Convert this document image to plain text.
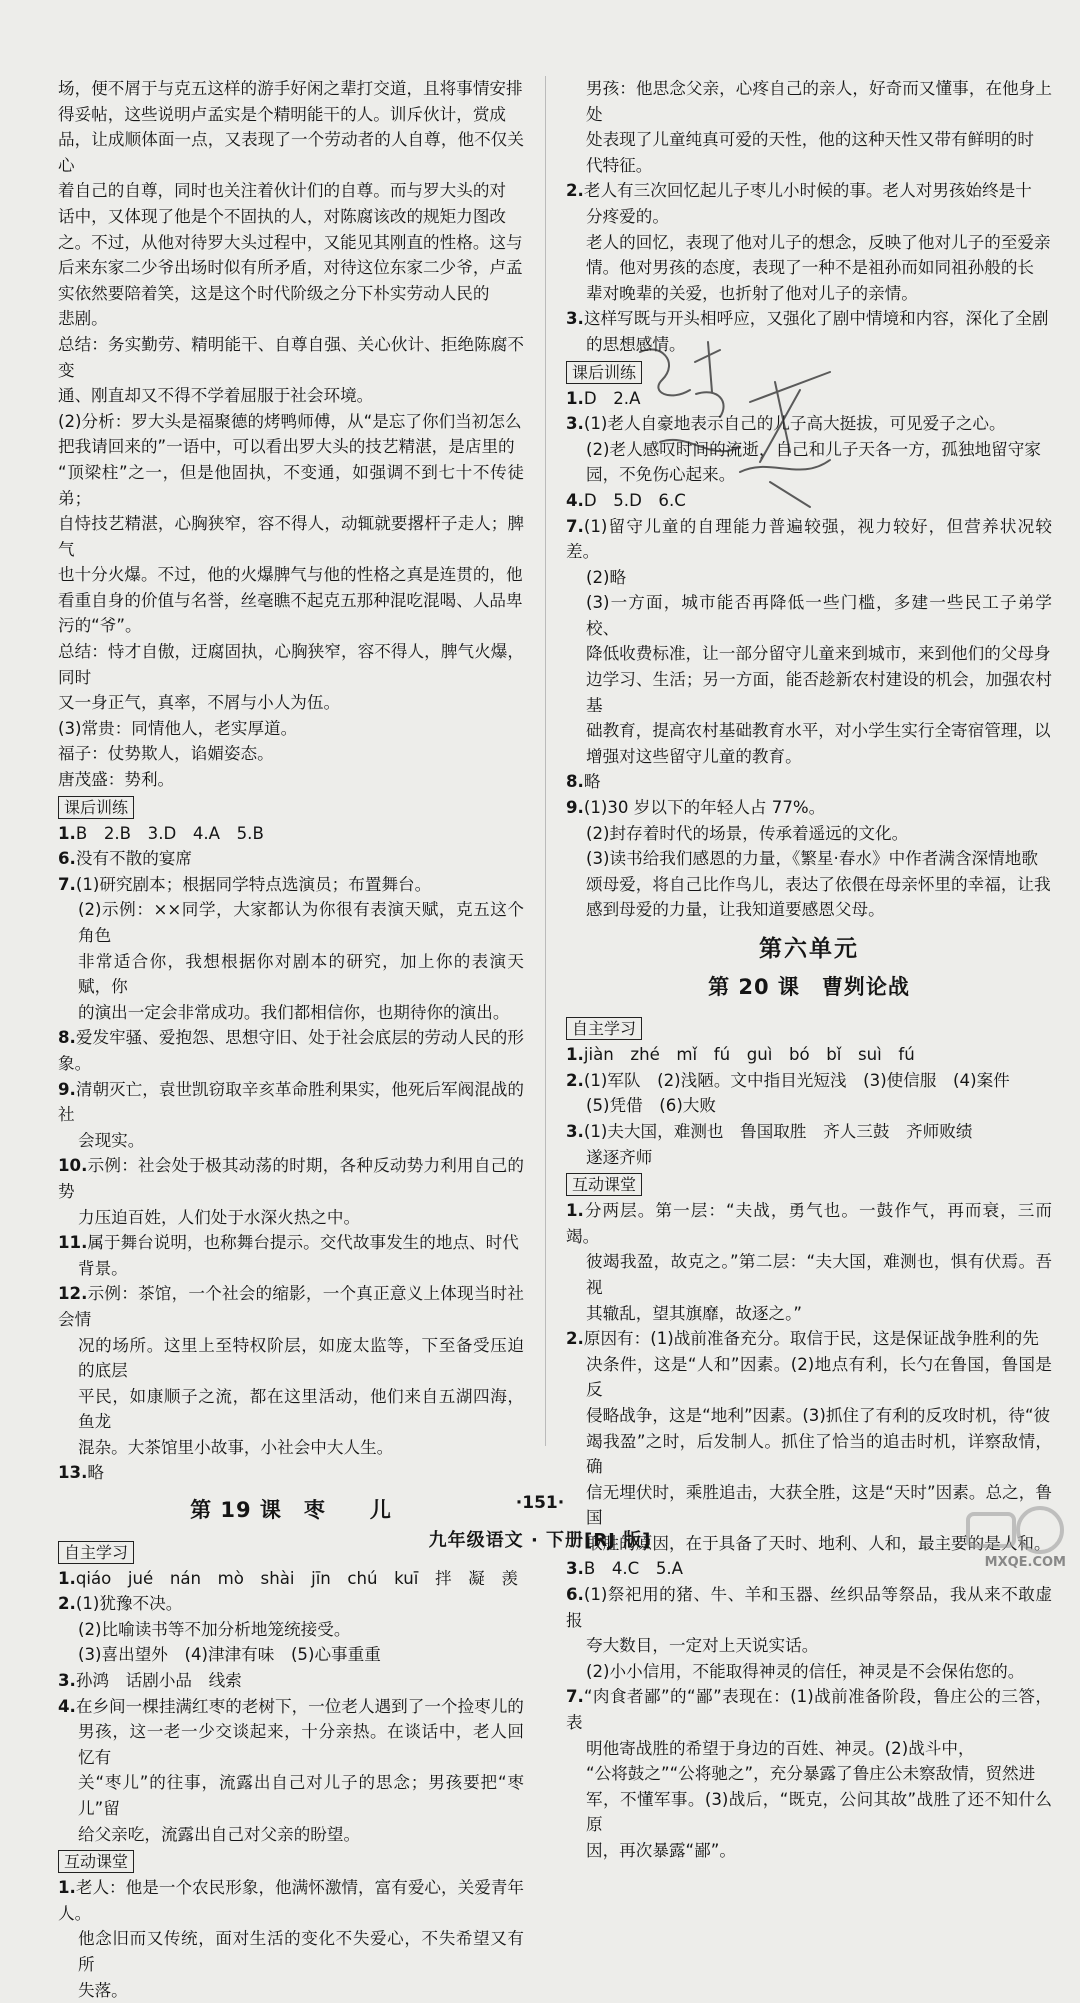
场，便不屑于与克五这样的游手好闲之辈打交道，且将事情安排

得妥帖，这些说明卢孟实是个精明能干的人。训斥伙计，赏成

品，让成顺体面一点，又表现了一个劳动者的人自尊，他不仅关心

着自己的自尊，同时也关注着伙计们的自尊。而与罗大头的对

话中，又体现了他是个不固执的人，对陈腐该改的规矩力图改

之。不过，从他对待罗大头过程中，又能见其刚直的性格。这与

后来东家二少爷出场时似有所矛盾，对待这位东家二少爷，卢孟

实依然要陪着笑，这是这个时代阶级之分下朴实劳动人民的

悲剧。

总结：务实勤劳、精明能干、自尊自强、关心伙计、拒绝陈腐不变

通、刚直却又不得不学着屈服于社会环境。

(2)分析：罗大头是福聚德的烤鸭师傅，从“是忘了你们当初怎么

把我请回来的”一语中，可以看出罗大头的技艺精湛，是店里的

“顶梁柱”之一，但是他固执，不变通，如强调不到七十不传徒弟；

自恃技艺精湛，心胸狭窄，容不得人，动辄就要撂杆子走人；脾气

也十分火爆。不过，他的火爆脾气与他的性格之真是连贯的，他

看重自身的价值与名誉，丝毫瞧不起克五那种混吃混喝、人品卑

污的“爷”。

总结：恃才自傲，迂腐固执，心胸狭窄，容不得人，脾气火爆，同时

又一身正气，真率，不屑与小人为伍。

(3)常贵：同情他人，老实厚道。

福子：仗势欺人，谄媚姿态。

唐茂盛：势利。

课后训练

1.B　2.B　3.D　4.A　5.B

6.没有不散的宴席

7.(1)研究剧本；根据同学特点选演员；布置舞台。

(2)示例：××同学，大家都认为你很有表演天赋，克五这个角色

非常适合你，我想根据你对剧本的研究，加上你的表演天赋，你

的演出一定会非常成功。我们都相信你，也期待你的演出。

8.爱发牢骚、爱抱怨、思想守旧、处于社会底层的劳动人民的形象。

9.清朝灭亡，袁世凯窃取辛亥革命胜利果实，他死后军阀混战的社

会现实。

10.示例：社会处于极其动荡的时期，各种反动势力利用自己的势

力压迫百姓，人们处于水深火热之中。

11.属于舞台说明，也称舞台提示。交代故事发生的地点、时代

背景。

12.示例：茶馆，一个社会的缩影，一个真正意义上体现当时社会情

况的场所。这里上至特权阶层，如庞太监等，下至备受压迫的底层

平民，如康顺子之流，都在这里活动，他们来自五湖四海，鱼龙

混杂。大茶馆里小故事，小社会中大人生。

13.略

第 19 课　枣　　儿
自主学习

1.qiáo　jué　nán　mò　shài　jīn　chú　kuī　拌　凝　羡

2.(1)犹豫不决。

(2)比喻读书等不加分析地笼统接受。

(3)喜出望外　(4)津津有味　(5)心事重重

3.孙鸿　话剧小品　线索

4.在乡间一棵挂满红枣的老树下，一位老人遇到了一个捡枣儿的

男孩，这一老一少交谈起来，十分亲热。在谈话中，老人回忆有

关“枣儿”的往事，流露出自己对儿子的思念；男孩要把“枣儿”留

给父亲吃，流露出自己对父亲的盼望。

互动课堂

1.老人：他是一个农民形象，他满怀激情，富有爱心，关爱青年人。

他念旧而又传统，面对生活的变化不失爱心，不失希望又有所

失落。

男孩：他思念父亲，心疼自己的亲人，好奇而又懂事，在他身上处

处表现了儿童纯真可爱的天性，他的这种天性又带有鲜明的时

代特征。

2.老人有三次回忆起儿子枣儿小时候的事。老人对男孩始终是十

分疼爱的。

老人的回忆，表现了他对儿子的想念，反映了他对儿子的至爱亲

情。他对男孩的态度，表现了一种不是祖孙而如同祖孙般的长

辈对晚辈的关爱，也折射了他对儿子的亲情。

3.这样写既与开头相呼应，又强化了剧中情境和内容，深化了全剧

的思想感情。

课后训练

1.D　2.A

3.(1)老人自豪地表示自己的儿子高大挺拔，可见爱子之心。

(2)老人感叹时间的流逝，自己和儿子天各一方，孤独地留守家

园，不免伤心起来。

4.D　5.D　6.C

7.(1)留守儿童的自理能力普遍较强，视力较好，但营养状况较差。

(2)略

(3)一方面，城市能否再降低一些门槛，多建一些民工子弟学校、

降低收费标准，让一部分留守儿童来到城市，来到他们的父母身

边学习、生活；另一方面，能否趁新农村建设的机会，加强农村基

础教育，提高农村基础教育水平，对小学生实行全寄宿管理，以

增强对这些留守儿童的教育。

8.略

9.(1)30 岁以下的年轻人占 77%。

(2)封存着时代的场景，传承着遥远的文化。

(3)读书给我们感恩的力量，《繁星·春水》中作者满含深情地歌

颂母爱，将自己比作鸟儿，表达了依偎在母亲怀里的幸福，让我

感到母爱的力量，让我知道要感恩父母。

第六单元
第 20 课　曹刿论战
自主学习

1.jiàn　zhé　mǐ　fú　guì　bó　bǐ　suì　fú

2.(1)军队　(2)浅陋。文中指目光短浅　(3)使信服　(4)案件

(5)凭借　(6)大败

3.(1)夫大国，难测也　鲁国取胜　齐人三鼓　齐师败绩

遂逐齐师

互动课堂

1.分两层。第一层：“夫战，勇气也。一鼓作气，再而衰，三而竭。

彼竭我盈，故克之。”第二层：“夫大国，难测也，惧有伏焉。吾视

其辙乱，望其旗靡，故逐之。”

2.原因有：(1)战前准备充分。取信于民，这是保证战争胜利的先

决条件，这是“人和”因素。(2)地点有利，长勺在鲁国，鲁国是反

侵略战争，这是“地利”因素。(3)抓住了有利的反攻时机，待“彼

竭我盈”之时，后发制人。抓住了恰当的追击时机，详察敌情，确

信无埋伏时，乘胜追击，大获全胜，这是“天时”因素。总之，鲁国

取胜的原因，在于具备了天时、地利、人和，最主要的是人和。

3.B　4.C　5.A

6.(1)祭祀用的猪、牛、羊和玉器、丝织品等祭品，我从来不敢虚报

夸大数目，一定对上天说实话。

(2)小小信用，不能取得神灵的信任，神灵是不会保佑您的。

7.“肉食者鄙”的“鄙”表现在：(1)战前准备阶段，鲁庄公的三答，表

明他寄战胜的希望于身边的百姓、神灵。(2)战斗中，

“公将鼓之”“公将驰之”，充分暴露了鲁庄公未察敌情，贸然进

军，不懂军事。(3)战后，“既克，公问其故”战胜了还不知什么原

因，再次暴露“鄙”。

·151·
九年级语文 · 下册[RJ 版]
MXQE.COM
